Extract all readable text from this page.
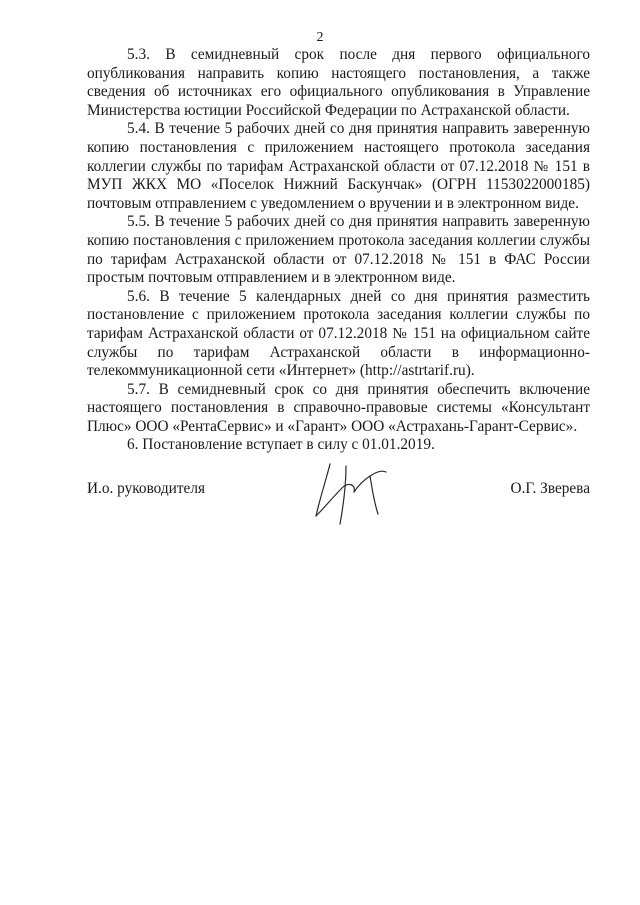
2

5.3. В семидневный срок после дня первого официального опубликования направить копию настоящего постановления, а также сведения об источниках его официального опубликования в Управление Министерства юстиции Российской Федерации по Астраханской области.

5.4. В течение 5 рабочих дней со дня принятия направить заверенную копию постановления с приложением настоящего протокола заседания коллегии службы по тарифам Астраханской области от 07.12.2018 № 151 в МУП ЖКХ МО «Поселок Нижний Баскунчак» (ОГРН 1153022000185) почтовым отправлением с уведомлением о вручении и в электронном виде.

5.5. В течение 5 рабочих дней со дня принятия направить заверенную копию постановления с приложением протокола заседания коллегии службы по тарифам Астраханской области от 07.12.2018 № 151 в ФАС России простым почтовым отправлением и в электронном виде.

5.6. В течение 5 календарных дней со дня принятия разместить постановление с приложением протокола заседания коллегии службы по тарифам Астраханской области от 07.12.2018 № 151 на официальном сайте службы по тарифам Астраханской области в информационно-телекоммуникационной сети «Интернет» (http://astrtarif.ru).

5.7. В семидневный срок со дня принятия обеспечить включение настоящего постановления в справочно-правовые системы «Консультант Плюс» ООО «РентаСервис» и «Гарант» ООО «Астрахань-Гарант-Сервис».

6. Постановление вступает в силу с 01.01.2019.

И.о. руководителя	О.Г. Зверева
